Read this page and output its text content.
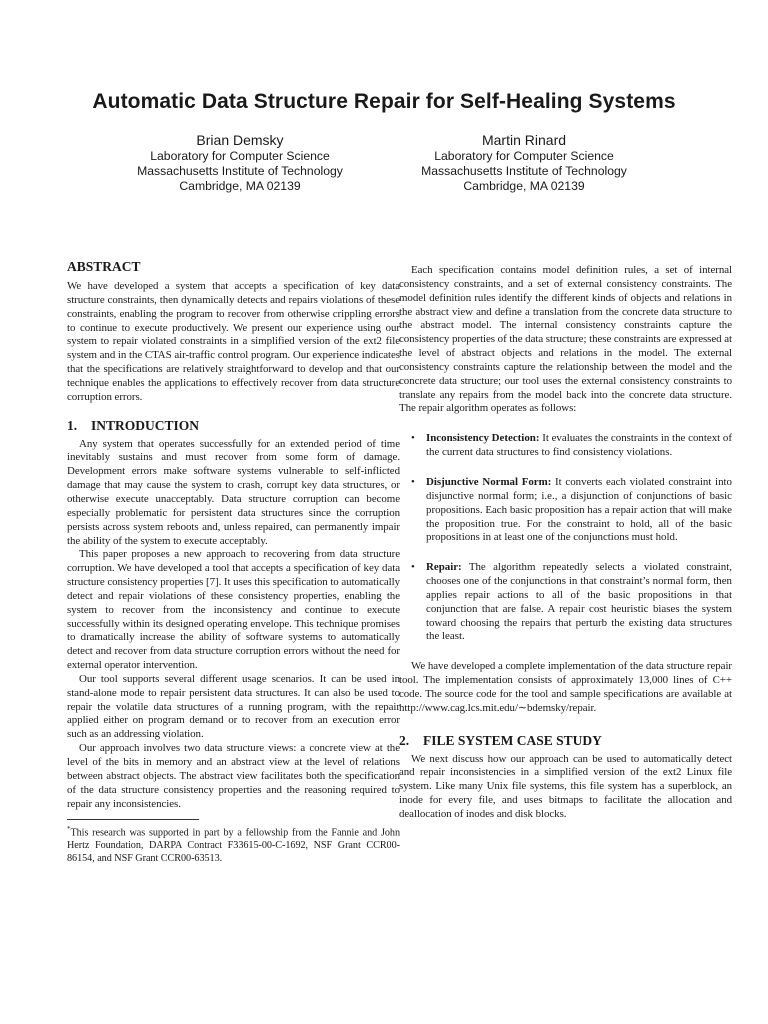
Automatic Data Structure Repair for Self-Healing Systems
Brian Demsky
Laboratory for Computer Science
Massachusetts Institute of Technology
Cambridge, MA 02139
Martin Rinard
Laboratory for Computer Science
Massachusetts Institute of Technology
Cambridge, MA 02139
ABSTRACT

We have developed a system that accepts a specification of key data structure constraints, then dynamically detects and repairs violations of these constraints, enabling the program to recover from otherwise crippling errors to continue to execute productively. We present our experience using our system to repair violated constraints in a simplified version of the ext2 file system and in the CTAS air-traffic control program. Our experience indicates that the specifications are relatively straightforward to develop and that our technique enables the applications to effectively recover from data structure corruption errors.

1. INTRODUCTION

Any system that operates successfully for an extended period of time inevitably sustains and must recover from some form of damage. Development errors make software systems vulnerable to self-inflicted damage that may cause the system to crash, corrupt key data structures, or otherwise execute unacceptably. Data structure corruption can become especially problematic for persistent data structures since the corruption persists across system reboots and, unless repaired, can permanently impair the ability of the system to execute acceptably.

This paper proposes a new approach to recovering from data structure corruption. We have developed a tool that accepts a specification of key data structure consistency properties [7]. It uses this specification to automatically detect and repair violations of these consistency properties, enabling the system to recover from the inconsistency and continue to execute successfully within its designed operating envelope. This technique promises to dramatically increase the ability of software systems to automatically detect and recover from data structure corruption errors without the need for external operator intervention.

Our tool supports several different usage scenarios. It can be used in stand-alone mode to repair persistent data structures. It can also be used to repair the volatile data structures of a running program, with the repair applied either on program demand or to recover from an execution error such as an addressing violation.

Our approach involves two data structure views: a concrete view at the level of the bits in memory and an abstract view at the level of relations between abstract objects. The abstract view facilitates both the specification of the data structure consistency properties and the reasoning required to repair any inconsistencies.

*This research was supported in part by a fellowship from the Fannie and John Hertz Foundation, DARPA Contract F33615-00-C-1692, NSF Grant CCR00-86154, and NSF Grant CCR00-63513.

Each specification contains model definition rules, a set of internal consistency constraints, and a set of external consistency constraints. The model definition rules identify the different kinds of objects and relations in the abstract view and define a translation from the concrete data structure to the abstract model. The internal consistency constraints capture the consistency properties of the data structure; these constraints are expressed at the level of abstract objects and relations in the model. The external consistency constraints capture the relationship between the model and the concrete data structure; our tool uses the external consistency constraints to translate any repairs from the model back into the concrete data structure. The repair algorithm operates as follows:

• Inconsistency Detection: It evaluates the constraints in the context of the current data structures to find consistency violations.
• Disjunctive Normal Form: It converts each violated constraint into disjunctive normal form; i.e., a disjunction of conjunctions of basic propositions. Each basic proposition has a repair action that will make the proposition true. For the constraint to hold, all of the basic propositions in at least one of the conjunctions must hold.
• Repair: The algorithm repeatedly selects a violated constraint, chooses one of the conjunctions in that constraint’s normal form, then applies repair actions to all of the basic propositions in that conjunction that are false. A repair cost heuristic biases the system toward choosing the repairs that perturb the existing data structures the least.

We have developed a complete implementation of the data structure repair tool. The implementation consists of approximately 13,000 lines of C++ code. The source code for the tool and sample specifications are available at http://www.cag.lcs.mit.edu/∼bdemsky/repair.

2. FILE SYSTEM CASE STUDY

We next discuss how our approach can be used to automatically detect and repair inconsistencies in a simplified version of the ext2 Linux file system. Like many Unix file systems, this file system has a superblock, an inode for every file, and uses bitmaps to facilitate the allocation and deallocation of inodes and disk blocks.
